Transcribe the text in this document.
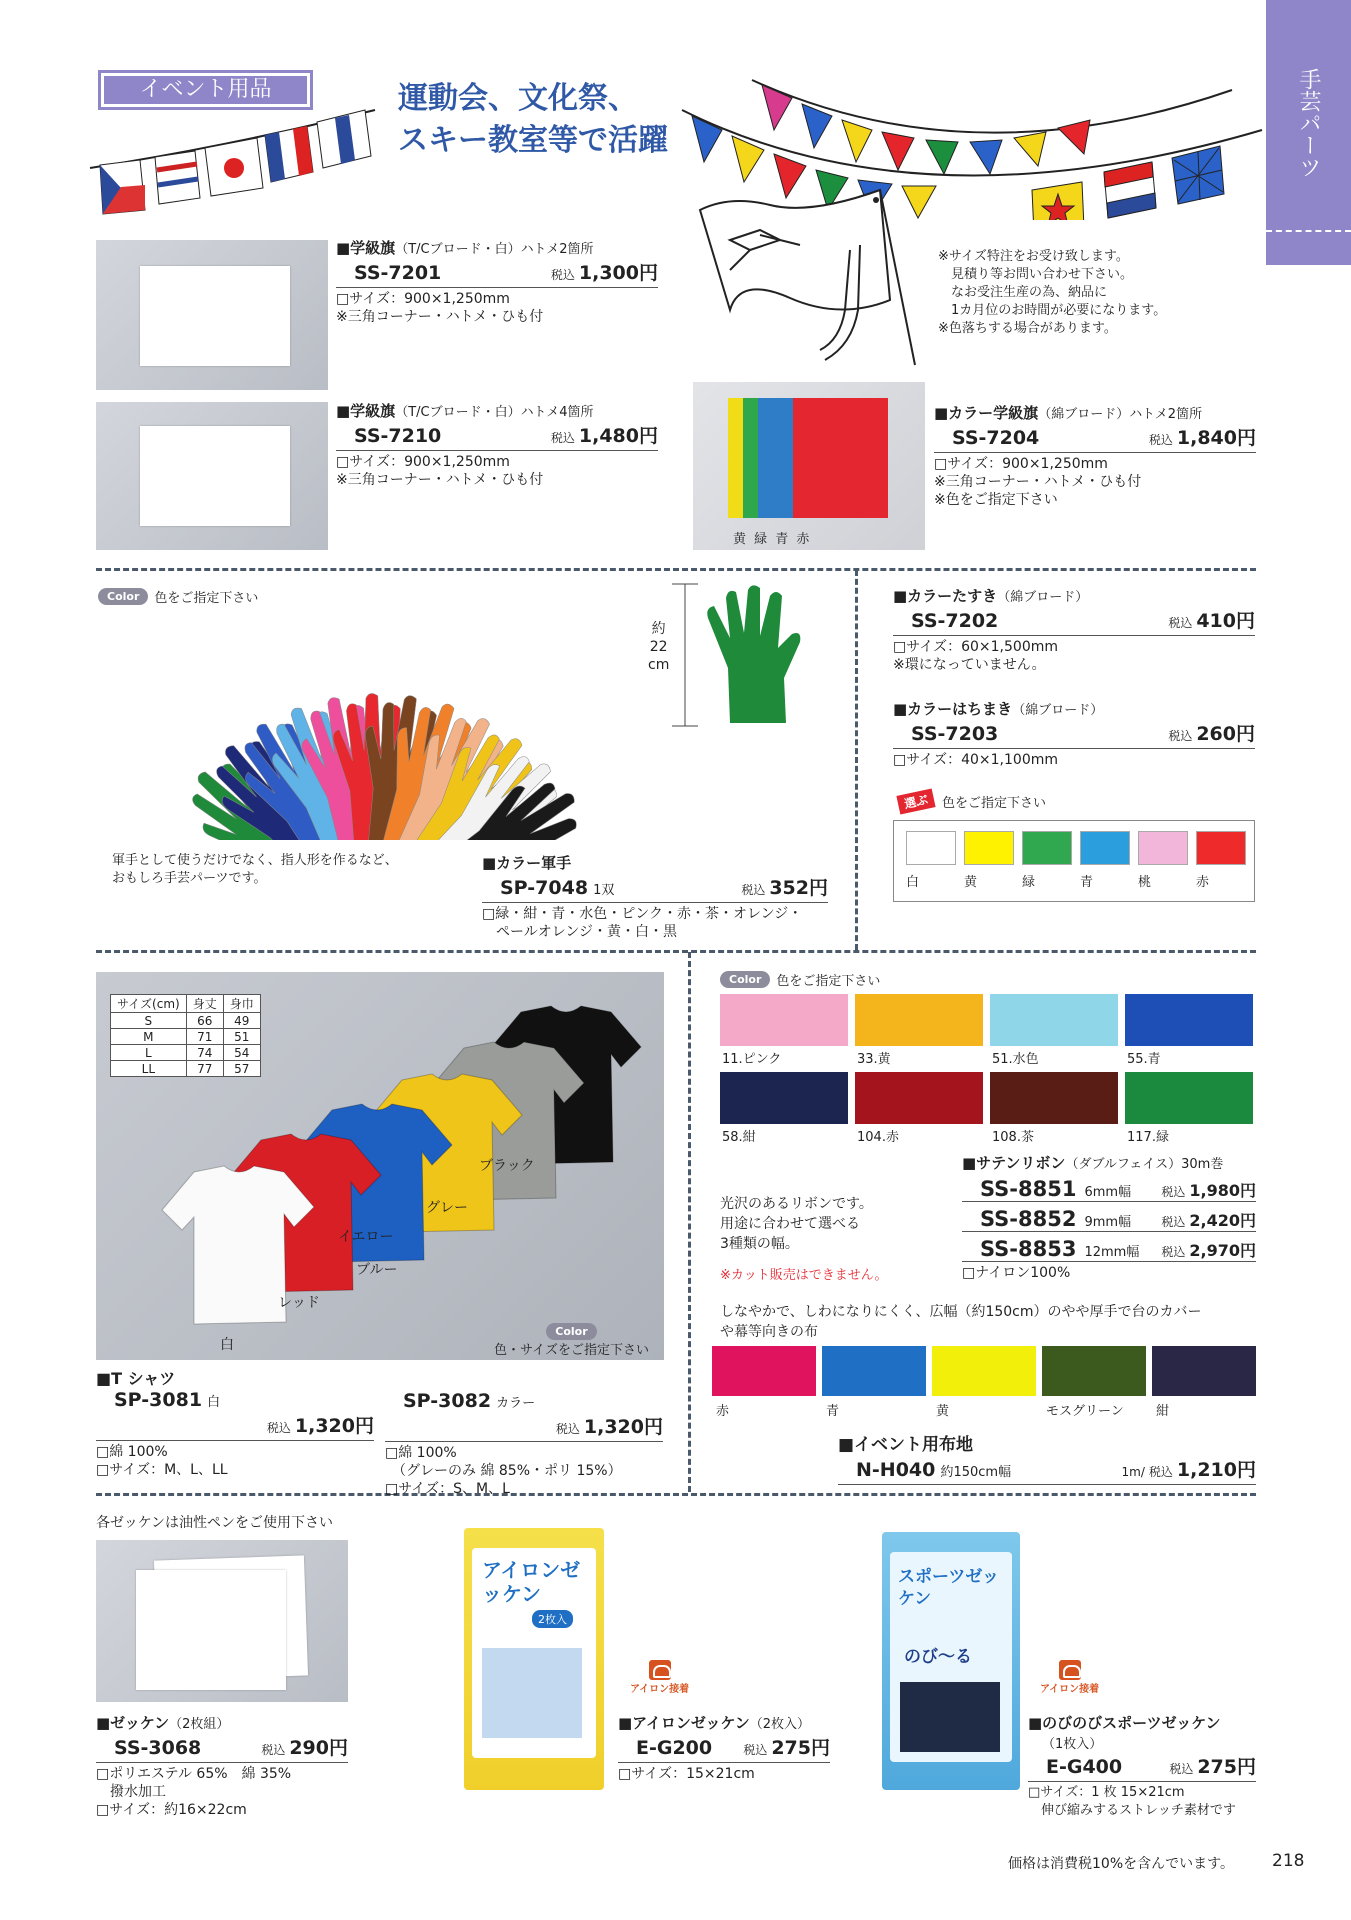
手芸パーツ
イベント用品	運動会、文化祭、
スキー教室等で活躍
■学級旗（T/Cブロード・白）ハトメ2箇所
SS-7201	税込 1,300円
□サイズ：900×1,250mm
※三角コーナー・ハトメ・ひも付
※サイズ特注をお受け致します。
　見積り等お問い合わせ下さい。
　なお受注生産の為、納品に
　1カ月位のお時間が必要になります。
※色落ちする場合があります。
■学級旗（T/Cブロード・白）ハトメ4箇所
SS-7210	税込 1,480円
□サイズ：900×1,250mm
※三角コーナー・ハトメ・ひも付
黄 緑 青 赤
■カラー学級旗（綿ブロード）ハトメ2箇所
SS-7204	税込 1,840円
□サイズ：900×1,250mm
※三角コーナー・ハトメ・ひも付
※色をご指定下さい
Color	色をご指定下さい
約
22
cm
軍手として使うだけでなく、指人形を作るなど、
おもしろ手芸パーツです。
■カラー軍手
SP-7048 1双	税込 352円
□緑・紺・青・水色・ピンク・赤・茶・オレンジ・
　ペールオレンジ・黄・白・黒
■カラーたすき（綿ブロード）
SS-7202	税込 410円
□サイズ：60×1,500mm
※環になっていません。
■カラーはちまき（綿ブロード）
SS-7203	税込 260円
□サイズ：40×1,100mm
選ぶ 色をご指定下さい
白	黄	緑	青	桃	赤
サイズ(cm)	身丈	身巾
S	66	49
M	71	51
L	74	54
LL	77	57
ブラック
グレー
イエロー
ブルー
レッド
白
Color
色・サイズをご指定下さい
■T シャツ
SP-3081 白
税込 1,320円
□綿 100%
□サイズ：M、L、LL
SP-3082 カラー
税込 1,320円
□綿 100%
　（グレーのみ 綿 85%・ポリ 15%）
□サイズ：S、M、L
Color	色をご指定下さい
11.ピンク	33.黄	51.水色	55.青
58.紺	104.赤	108.茶	117.緑
■サテンリボン（ダブルフェイス）30m巻
光沢のあるリボンです。
用途に合わせて選べる
3種類の幅。
※カット販売はできません。
SS-8851 6mm幅	税込 1,980円
SS-8852 9mm幅	税込 2,420円
SS-8853 12mm幅 税込 2,970円
□ナイロン100%
しなやかで、しわになりにくく、広幅（約150cm）のやや厚手で台のカバー
や幕等向きの布
赤	青	黄	モスグリーン 紺
■イベント用布地
N-H040 約150cm幅	1m/ 税込 1,210円
各ゼッケンは油性ペンをご使用下さい
■ゼッケン（2枚組）
SS-3068	税込 290円
□ポリエステル 65%　綿 35%
　撥水加工
□サイズ：約16×22cm
アイロンゼッケン
2枚入
アイロン接着
■アイロンゼッケン（2枚入）
E-G200	税込 275円
□サイズ：15×21cm
スポーツゼッケン
のび〜る
アイロン接着
■のびのびスポーツゼッケン
（1枚入）
E-G400	税込 275円
□サイズ：1 枚 15×21cm
　伸び縮みするストレッチ素材です
価格は消費税10%を含んでいます。 218
